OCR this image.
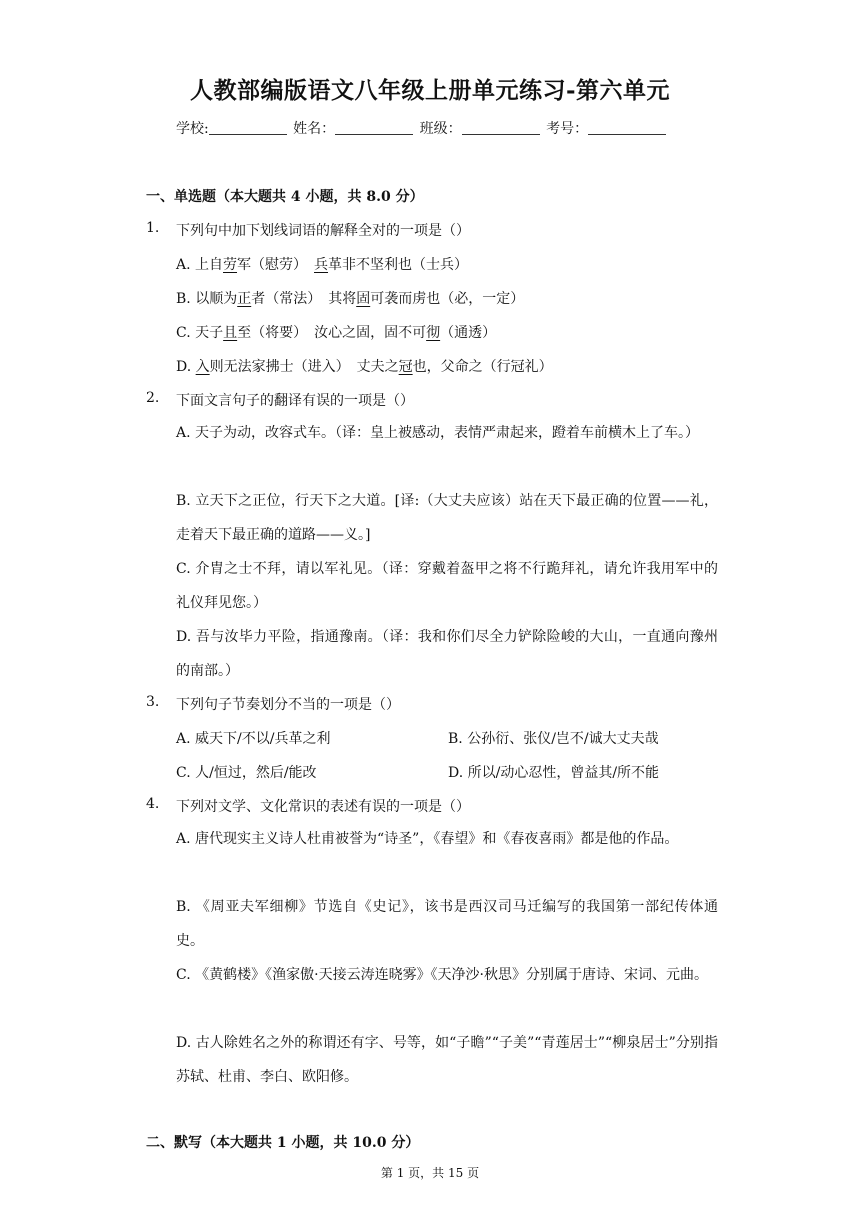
人教部编版语文八年级上册单元练习-第六单元
学校:	姓名：	班级：	考号：
一、单选题（本大题共 4 小题，共 8.0 分）
1. 下列句中加下划线词语的解释全对的一项是（）
A. 上自劳军（慰劳）　兵革非不坚利也（士兵）
B. 以顺为正者（常法）　其将固可袭而虏也（必，一定）
C. 天子且至（将要）　汝心之固，固不可彻（通透）
D. 入则无法家拂士（进入）　丈夫之冠也，父命之（行冠礼）
2. 下面文言句子的翻译有误的一项是（）
A. 天子为动，改容式车。（译：皇上被感动，表情严肃起来，蹬着车前横木上了车。）
B. 立天下之正位，行天下之大道。[译:（大丈夫应该）站在天下最正确的位置——礼，走着天下最正确的道路——义。]
C. 介胄之士不拜，请以军礼见。（译：穿戴着盔甲之将不行跪拜礼，请允许我用军中的礼仪拜见您。）
D. 吾与汝毕力平险，指通豫南。（译：我和你们尽全力铲除险峻的大山，一直通向豫州的南部。）
3. 下列句子节奏划分不当的一项是（）
A. 威天下/不以/兵革之利	B. 公孙衍、张仪/岂不/诚大丈夫哉
C. 人/恒过，然后/能改	D. 所以/动心忍性，曾益其/所不能
4. 下列对文学、文化常识的表述有误的一项是（）
A. 唐代现实主义诗人杜甫被誉为“诗圣”，《春望》和《春夜喜雨》都是他的作品。
B. 《周亚夫军细柳》节选自《史记》，该书是西汉司马迁编写的我国第一部纪传体通史。
C. 《黄鹤楼》《渔家傲·天接云涛连晓雾》《天净沙·秋思》分别属于唐诗、宋词、元曲。
D. 古人除姓名之外的称谓还有字、号等，如“子瞻”“子美”“青莲居士”“柳泉居士”分别指苏轼、杜甫、李白、欧阳修。
二、默写（本大题共 1 小题，共 10.0 分）
第 1 页，共 15 页
